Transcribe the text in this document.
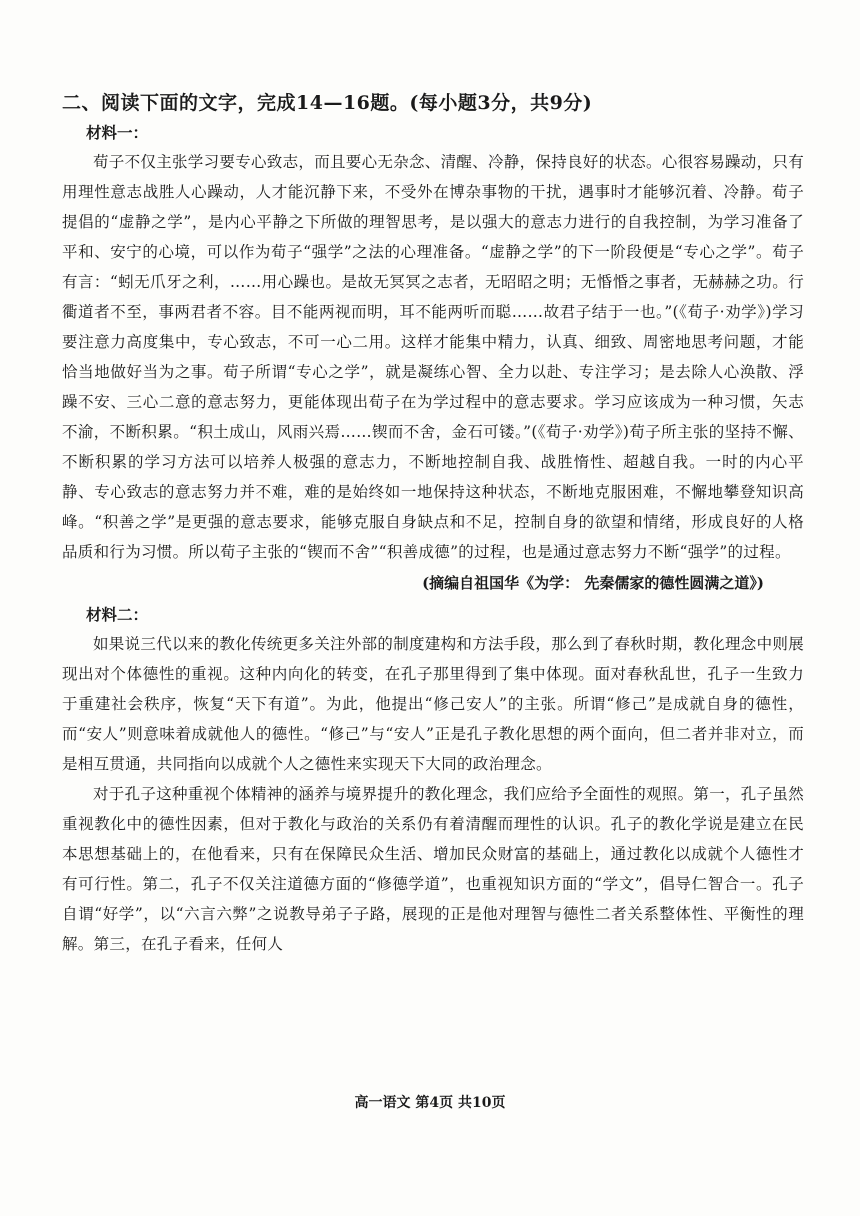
二、阅读下面的文字，完成14—16题。(每小题3分，共9分)
材料一：

荀子不仅主张学习要专心致志，而且要心无杂念、清醒、冷静，保持良好的状态。心很容易躁动，只有用理性意志战胜人心躁动，人才能沉静下来，不受外在博杂事物的干扰，遇事时才能够沉着、冷静。荀子提倡的“虚静之学”，是内心平静之下所做的理智思考，是以强大的意志力进行的自我控制，为学习准备了平和、安宁的心境，可以作为荀子“强学”之法的心理准备。“虚静之学”的下一阶段便是“专心之学”。荀子有言：“蚓无爪牙之利，……用心躁也。是故无冥冥之志者，无昭昭之明；无惛惛之事者，无赫赫之功。行衢道者不至，事两君者不容。目不能两视而明，耳不能两听而聪……故君子结于一也。”(《荀子·劝学》)学习要注意力高度集中，专心致志，不可一心二用。这样才能集中精力，认真、细致、周密地思考问题，才能恰当地做好当为之事。荀子所谓“专心之学”，就是凝练心智、全力以赴、专注学习；是去除人心涣散、浮躁不安、三心二意的意志努力，更能体现出荀子在为学过程中的意志要求。学习应该成为一种习惯，矢志不渝，不断积累。“积土成山，风雨兴焉……锲而不舍，金石可镂。”(《荀子·劝学》)荀子所主张的坚持不懈、不断积累的学习方法可以培养人极强的意志力，不断地控制自我、战胜惰性、超越自我。一时的内心平静、专心致志的意志努力并不难，难的是始终如一地保持这种状态，不断地克服困难，不懈地攀登知识高峰。“积善之学”是更强的意志要求，能够克服自身缺点和不足，控制自身的欲望和情绪，形成良好的人格品质和行为习惯。所以荀子主张的“锲而不舍”“积善成德”的过程，也是通过意志努力不断“强学”的过程。

(摘编自祖国华《为学： 先秦儒家的德性圆满之道》)
材料二：

如果说三代以来的教化传统更多关注外部的制度建构和方法手段，那么到了春秋时期，教化理念中则展现出对个体德性的重视。这种内向化的转变，在孔子那里得到了集中体现。面对春秋乱世，孔子一生致力于重建社会秩序，恢复“天下有道”。为此，他提出“修己安人”的主张。所谓“修己”是成就自身的德性，而“安人”则意味着成就他人的德性。“修己”与“安人”正是孔子教化思想的两个面向，但二者并非对立，而是相互贯通，共同指向以成就个人之德性来实现天下大同的政治理念。

对于孔子这种重视个体精神的涵养与境界提升的教化理念，我们应给予全面性的观照。第一，孔子虽然重视教化中的德性因素，但对于教化与政治的关系仍有着清醒而理性的认识。孔子的教化学说是建立在民本思想基础上的，在他看来，只有在保障民众生活、增加民众财富的基础上，通过教化以成就个人德性才有可行性。第二，孔子不仅关注道德方面的“修德学道”，也重视知识方面的“学文”，倡导仁智合一。孔子自谓“好学”，以“六言六弊”之说教导弟子子路，展现的正是他对理智与德性二者关系整体性、平衡性的理解。第三，在孔子看来，任何人

高一语文 第4页 共10页
